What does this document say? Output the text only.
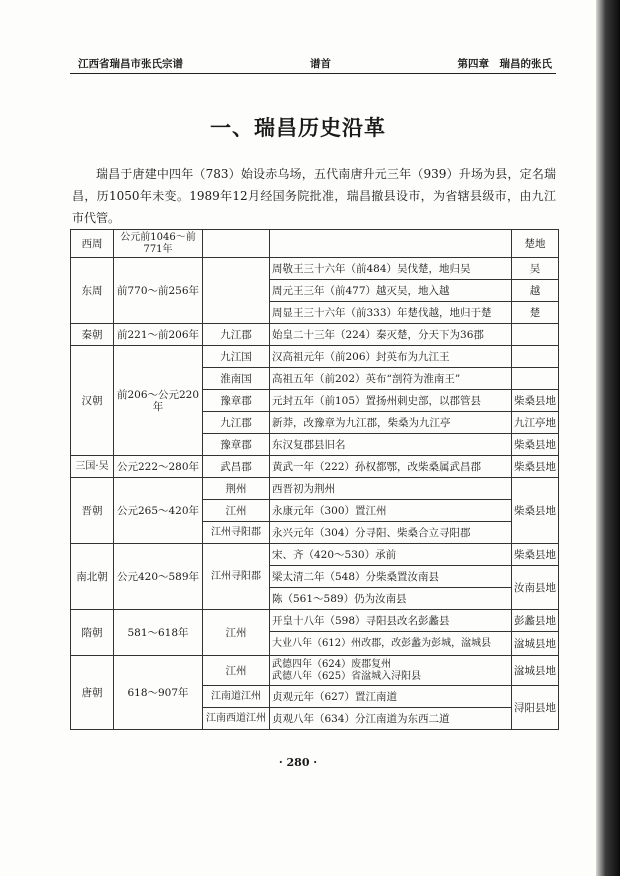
江西省瑞昌市张氏宗谱	谱首	第四章　瑞昌的张氏
一、瑞昌历史沿革
瑞昌于唐建中四年（783）始设赤乌场，五代南唐升元三年（939）升场为县，定名瑞昌，历1050年未变。1989年12月经国务院批准，瑞昌撤县设市，为省辖县级市，由九江市代管。
西周	公元前1046～前771年			楚地
东周	前770～前256年		周敬王三十六年（前484）吴伐楚，地归吴	吴
			周元王三年（前477）越灭吴，地入越	越
			周显王三十六年（前333）年楚伐越，地归于楚	楚
秦朝	前221～前206年	九江郡	始皇二十三年（224）秦灭楚，分天下为36郡	
汉朝	前206～公元220年	九江国	汉高祖元年（前206）封英布为九江王	
		淮南国	高祖五年（前202）英布“剖符为淮南王”	
		豫章郡	元封五年（前105）置扬州刺史部，以郡管县	柴桑县地
		九江郡	新莽，改豫章为九江郡，柴桑为九江亭	九江亭地
		豫章郡	东汉复郡县旧名	柴桑县地
三国·吴	公元222～280年	武昌郡	黄武一年（222）孙权都鄂，改柴桑属武昌郡	柴桑县地
晋朝	公元265～420年	荆州	西晋初为荆州	柴桑县地
		江州	永康元年（300）置江州	
		江州寻阳郡	永兴元年（304）分寻阳、柴桑合立寻阳郡	
南北朝	公元420～589年	江州寻阳郡	宋、齐（420～530）承前	柴桑县地
			梁太清二年（548）分柴桑置汝南县	汝南县地
			陈（561～589）仍为汝南县	
隋朝	581～618年	江州	开皇十八年（598）寻阳县改名彭蠡县	彭蠡县地
			大业八年（612）州改郡，改彭蠡为彭城，湓城县	湓城县地
唐朝	618～907年	江州	武德四年（624）废郡复州
武德八年（625）省湓城入浔阳县	湓城县地
		江南道江州	贞观元年（627）置江南道	浔阳县地
		江南西道江州	贞观八年（634）分江南道为东西二道	
· 280 ·
